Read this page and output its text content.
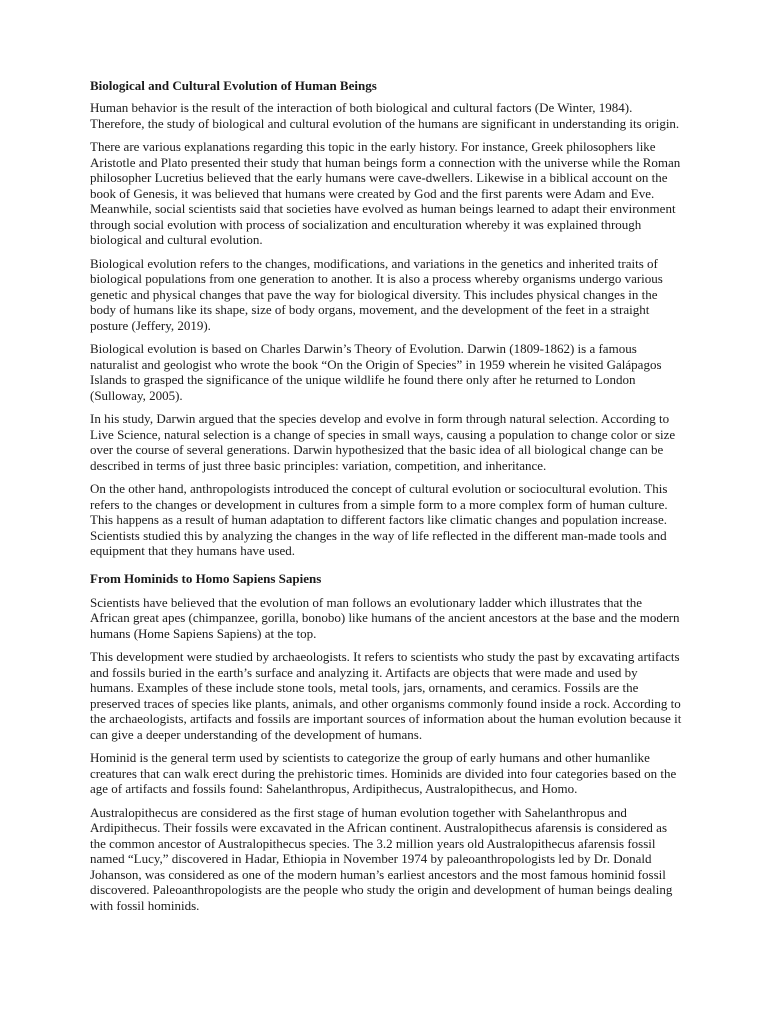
Biological and Cultural Evolution of Human Beings

Human behavior is the result of the interaction of both biological and cultural factors (De Winter, 1984). Therefore, the study of biological and cultural evolution of the humans are significant in understanding its origin.

There are various explanations regarding this topic in the early history. For instance, Greek philosophers like Aristotle and Plato presented their study that human beings form a connection with the universe while the Roman philosopher Lucretius believed that the early humans were cave-dwellers. Likewise in a biblical account on the book of Genesis, it was believed that humans were created by God and the first parents were Adam and Eve. Meanwhile, social scientists said that societies have evolved as human beings learned to adapt their environment through social evolution with process of socialization and enculturation whereby it was explained through biological and cultural evolution.

Biological evolution refers to the changes, modifications, and variations in the genetics and inherited traits of biological populations from one generation to another. It is also a process whereby organisms undergo various genetic and physical changes that pave the way for biological diversity. This includes physical changes in the body of humans like its shape, size of body organs, movement, and the development of the feet in a straight posture (Jeffery, 2019).

Biological evolution is based on Charles Darwin’s Theory of Evolution. Darwin (1809-1862) is a famous naturalist and geologist who wrote the book “On the Origin of Species” in 1959 wherein he visited Galápagos Islands to grasped the significance of the unique wildlife he found there only after he returned to London (Sulloway, 2005).

In his study, Darwin argued that the species develop and evolve in form through natural selection. According to Live Science, natural selection is a change of species in small ways, causing a population to change color or size over the course of several generations. Darwin hypothesized that the basic idea of all biological change can be described in terms of just three basic principles: variation, competition, and inheritance.

On the other hand, anthropologists introduced the concept of cultural evolution or sociocultural evolution. This refers to the changes or development in cultures from a simple form to a more complex form of human culture. This happens as a result of human adaptation to different factors like climatic changes and population increase. Scientists studied this by analyzing the changes in the way of life reflected in the different man-made tools and equipment that they humans have used.

From Hominids to Homo Sapiens Sapiens

Scientists have believed that the evolution of man follows an evolutionary ladder which illustrates that the African great apes (chimpanzee, gorilla, bonobo) like humans of the ancient ancestors at the base and the modern humans (Home Sapiens Sapiens) at the top.

This development were studied by archaeologists. It refers to scientists who study the past by excavating artifacts and fossils buried in the earth’s surface and analyzing it. Artifacts are objects that were made and used by humans. Examples of these include stone tools, metal tools, jars, ornaments, and ceramics. Fossils are the preserved traces of species like plants, animals, and other organisms commonly found inside a rock. According to the archaeologists, artifacts and fossils are important sources of information about the human evolution because it can give a deeper understanding of the development of humans.

Hominid is the general term used by scientists to categorize the group of early humans and other humanlike creatures that can walk erect during the prehistoric times. Hominids are divided into four categories based on the age of artifacts and fossils found: Sahelanthropus, Ardipithecus, Australopithecus, and Homo.

Australopithecus are considered as the first stage of human evolution together with Sahelanthropus and Ardipithecus. Their fossils were excavated in the African continent. Australopithecus afarensis is considered as the common ancestor of Australopithecus species. The 3.2 million years old Australopithecus afarensis fossil named “Lucy,” discovered in Hadar, Ethiopia in November 1974 by paleoanthropologists led by Dr. Donald Johanson, was considered as one of the modern human’s earliest ancestors and the most famous hominid fossil discovered. Paleoanthropologists are the people who study the origin and development of human beings dealing with fossil hominids.
